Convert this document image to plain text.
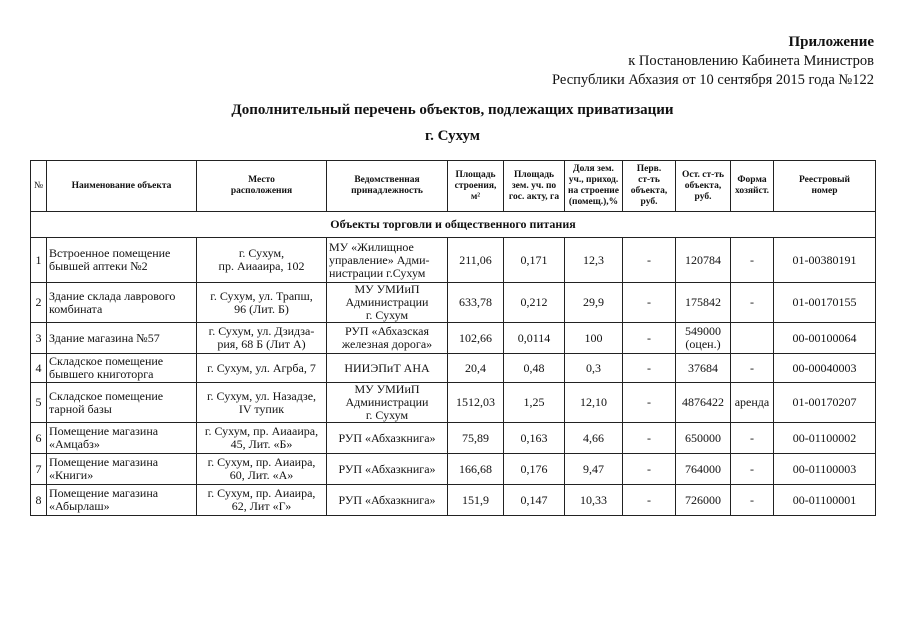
Приложение
к Постановлению Кабинета Министров
Республики Абхазия от 10 сентября 2015 года №122
Дополнительный перечень объектов, подлежащих приватизации
г. Сухум
№	Наименование объекта	Место
расположения	Ведомственная
принадлежность	Площадь
строения,
м²	Площадь
зем. уч. по
гос. акту, га	Доля зем.
уч., приход.
на строение
(помещ.),%	Перв.
ст-ть
объекта,
руб.	Ост. ст-ть
объекта,
руб.	Форма
хозяйст.	Реестровый
номер
Объекты торговли и общественного питания										
1	Встроенное помещение
бывшей аптеки №2	г. Сухум,
пр. Аиааира, 102	МУ «Жилищное
управление» Адми-
нистрации г.Сухум	211,06	0,171	12,3	-	120784	-	01-00380191
2	Здание склада лаврового
комбината	г. Сухум, ул. Трапш,
96 (Лит. Б)	МУ УМИиП
Администрации
г. Сухум	633,78	0,212	29,9	-	175842	-	01-00170155
3	Здание магазина №57	г. Сухум, ул. Дзидза-
рия, 68 Б (Лит А)	РУП «Абхазская
железная дорога»	102,66	0,0114	100	-	549000
(оцен.)		00-00100064
4	Складское помещение
бывшего книготорга	г. Сухум, ул. Агрба, 7	НИИЭПиТ АНА	20,4	0,48	0,3	-	37684	-	00-00040003
5	Складское помещение
тарной базы	г. Сухум, ул. Назадзе,
IV тупик	МУ УМИиП
Администрации
г. Сухум	1512,03	1,25	12,10	-	4876422	аренда	01-00170207
6	Помещение магазина
«Амцабз»	г. Сухум, пр. Аиааира,
45, Лит. «Б»	РУП «Абхазкнига»	75,89	0,163	4,66	-	650000	-	00-01100002
7	Помещение магазина
«Книги»	г. Сухум, пр. Аиаира,
60, Лит. «А»	РУП «Абхазкнига»	166,68	0,176	9,47	-	764000	-	00-01100003
8	Помещение магазина
«Абырлаш»	г. Сухум, пр. Аиаира,
62, Лит «Г»	РУП «Абхазкнига»	151,9	0,147	10,33	-	726000	-	00-01100001
